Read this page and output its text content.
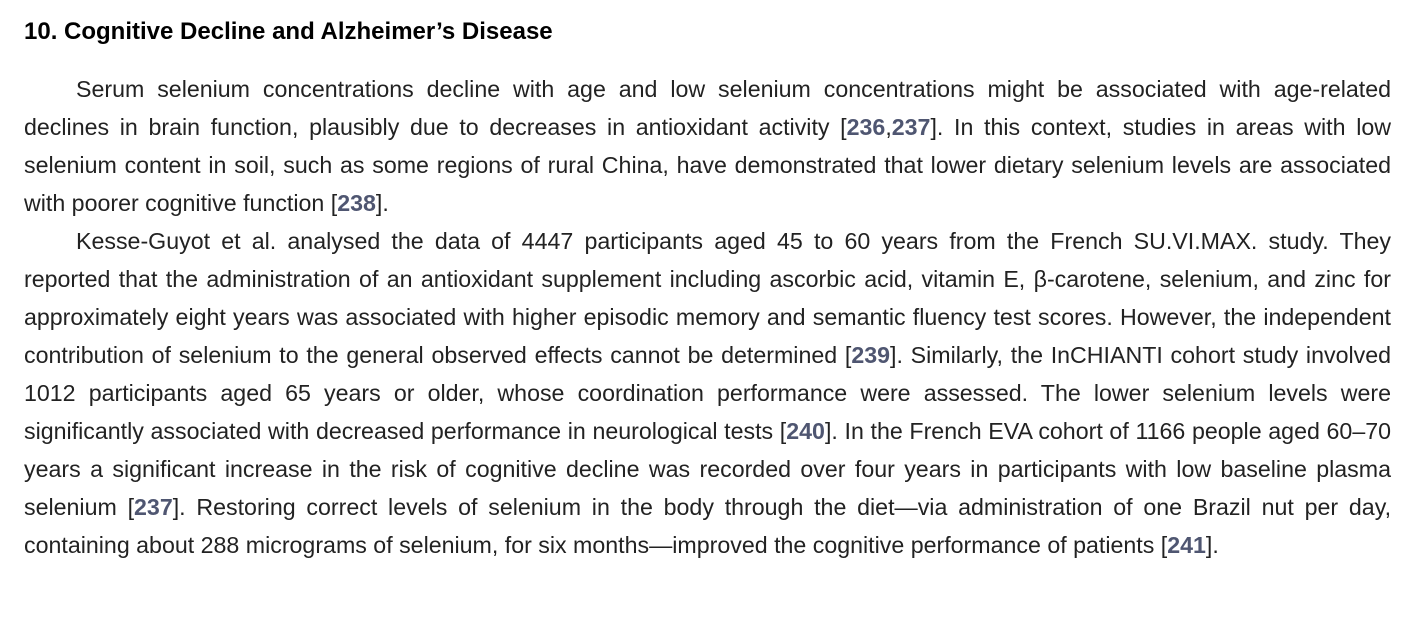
10. Cognitive Decline and Alzheimer’s Disease

Serum selenium concentrations decline with age and low selenium concentrations might be associated with age-related declines in brain function, plausibly due to decreases in antioxidant activity [236,237]. In this context, studies in areas with low selenium content in soil, such as some regions of rural China, have demonstrated that lower dietary selenium levels are associated with poorer cognitive function [238].

Kesse-Guyot et al. analysed the data of 4447 participants aged 45 to 60 years from the French SU.VI.MAX. study. They reported that the administration of an antioxidant supplement including ascorbic acid, vitamin E, β-carotene, selenium, and zinc for approximately eight years was associated with higher episodic memory and semantic fluency test scores. However, the independent contribution of selenium to the general observed effects cannot be determined [239]. Similarly, the InCHIANTI cohort study involved 1012 participants aged 65 years or older, whose coordination performance were assessed. The lower selenium levels were significantly associated with decreased performance in neurological tests [240]. In the French EVA cohort of 1166 people aged 60–70 years a significant increase in the risk of cognitive decline was recorded over four years in participants with low baseline plasma selenium [237]. Restoring correct levels of selenium in the body through the diet—via administration of one Brazil nut per day, containing about 288 micrograms of selenium, for six months—improved the cognitive performance of patients [241].
